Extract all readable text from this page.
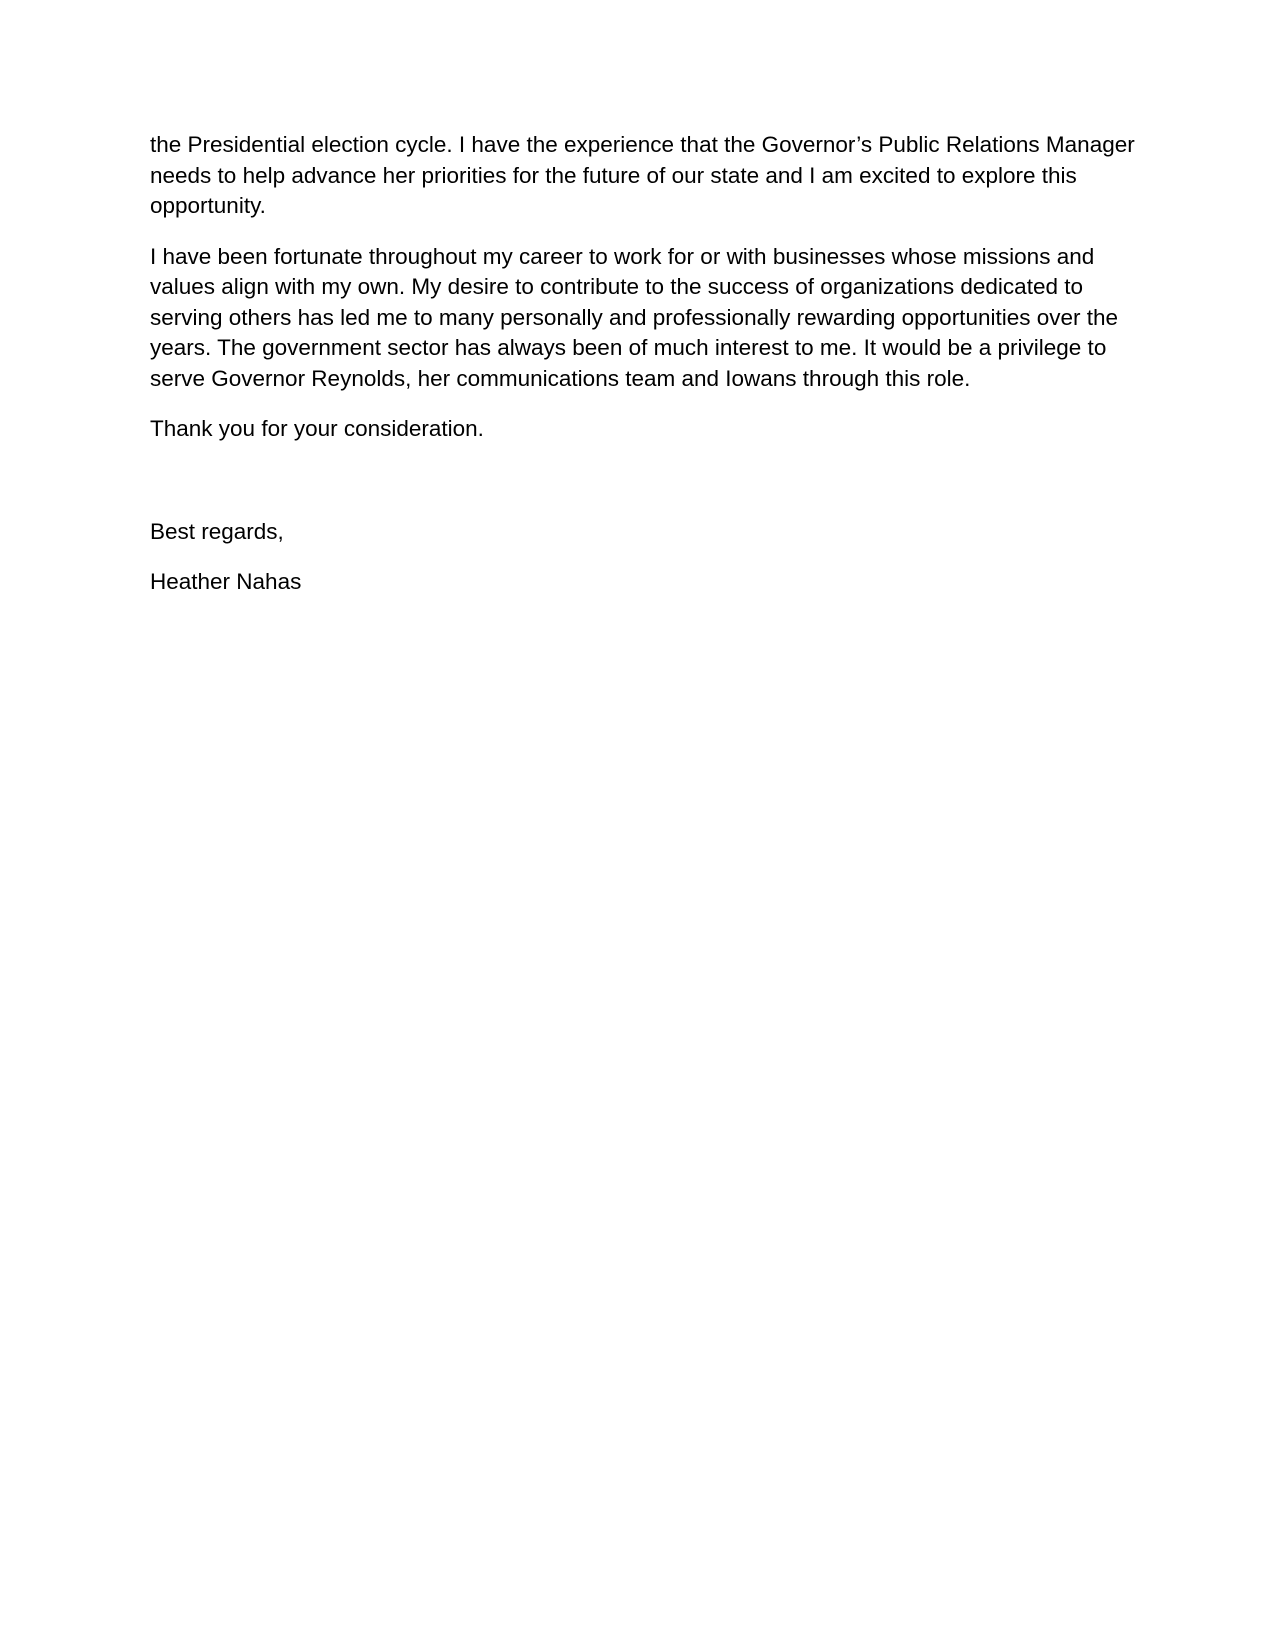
the Presidential election cycle. I have the experience that the Governor’s Public Relations Manager needs to help advance her priorities for the future of our state and I am excited to explore this opportunity.

I have been fortunate throughout my career to work for or with businesses whose missions and values align with my own. My desire to contribute to the success of organizations dedicated to serving others has led me to many personally and professionally rewarding opportunities over the years. The government sector has always been of much interest to me. It would be a privilege to serve Governor Reynolds, her communications team and Iowans through this role.

Thank you for your consideration.

Best regards,

Heather Nahas
